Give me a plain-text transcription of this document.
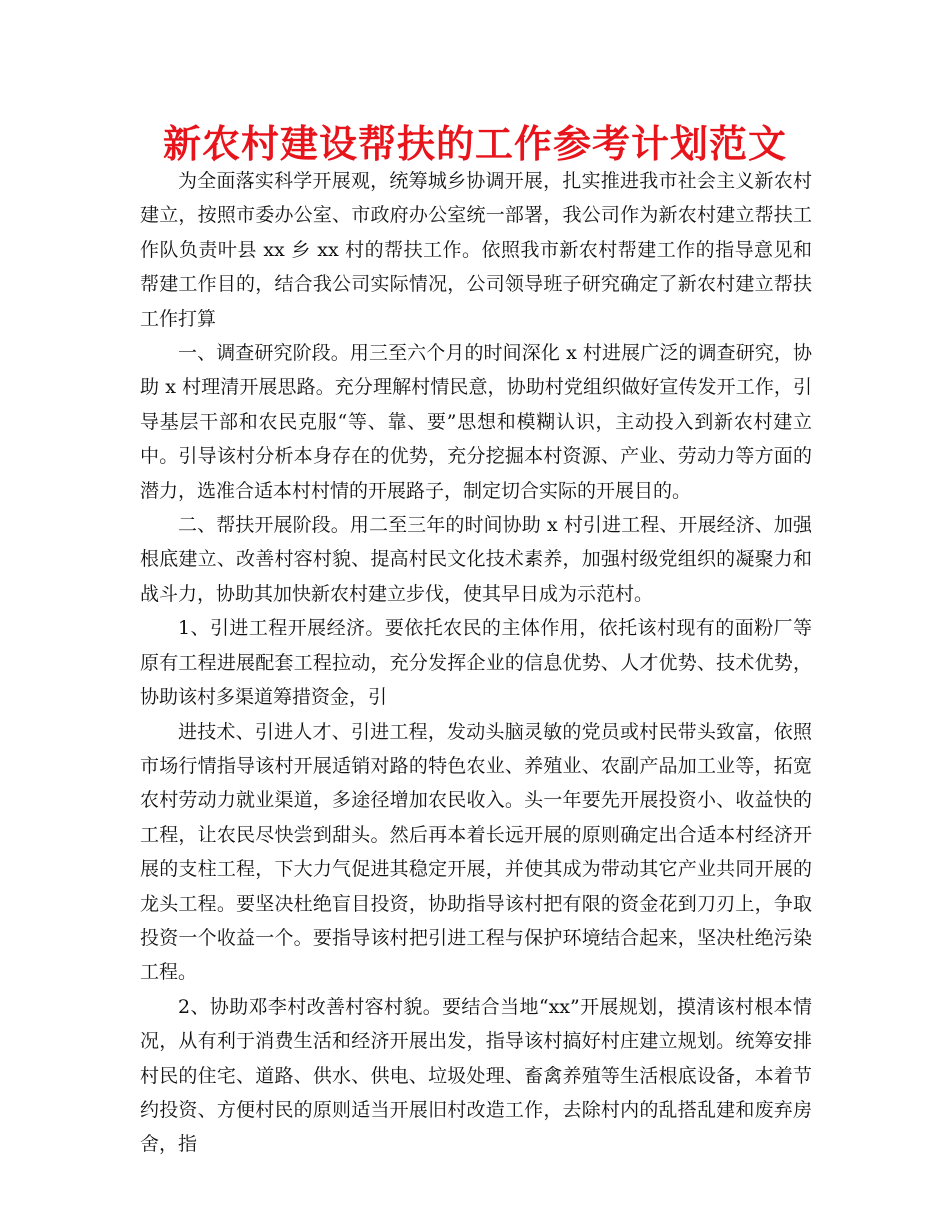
新农村建设帮扶的工作参考计划范文

为全面落实科学开展观，统筹城乡协调开展，扎实推进我市社会主义新农村建立，按照市委办公室、市政府办公室统一部署，我公司作为新农村建立帮扶工作队负责叶县 xx 乡 xx 村的帮扶工作。依照我市新农村帮建工作的指导意见和帮建工作目的，结合我公司实际情况，公司领导班子研究确定了新农村建立帮扶工作打算

一、调查研究阶段。用三至六个月的时间深化 x 村进展广泛的调查研究，协助 x 村理清开展思路。充分理解村情民意，协助村党组织做好宣传发开工作，引导基层干部和农民克服“等、靠、要”思想和模糊认识，主动投入到新农村建立中。引导该村分析本身存在的优势，充分挖掘本村资源、产业、劳动力等方面的潜力，选准合适本村村情的开展路子，制定切合实际的开展目的。

二、帮扶开展阶段。用二至三年的时间协助 x 村引进工程、开展经济、加强根底建立、改善村容村貌、提高村民文化技术素养，加强村级党组织的凝聚力和战斗力，协助其加快新农村建立步伐，使其早日成为示范村。

1、引进工程开展经济。要依托农民的主体作用，依托该村现有的面粉厂等原有工程进展配套工程拉动，充分发挥企业的信息优势、人才优势、技术优势，协助该村多渠道筹措资金，引

进技术、引进人才、引进工程，发动头脑灵敏的党员或村民带头致富，依照市场行情指导该村开展适销对路的特色农业、养殖业、农副产品加工业等，拓宽农村劳动力就业渠道，多途径增加农民收入。头一年要先开展投资小、收益快的工程，让农民尽快尝到甜头。然后再本着长远开展的原则确定出合适本村经济开展的支柱工程，下大力气促进其稳定开展，并使其成为带动其它产业共同开展的龙头工程。要坚决杜绝盲目投资，协助指导该村把有限的资金花到刀刃上，争取投资一个收益一个。要指导该村把引进工程与保护环境结合起来，坚决杜绝污染工程。

2、协助邓李村改善村容村貌。要结合当地“xx”开展规划，摸清该村根本情况，从有利于消费生活和经济开展出发，指导该村搞好村庄建立规划。统筹安排村民的住宅、道路、供水、供电、垃圾处理、畜禽养殖等生活根底设备，本着节约投资、方便村民的原则适当开展旧村改造工作，去除村内的乱搭乱建和废弃房舍，指
